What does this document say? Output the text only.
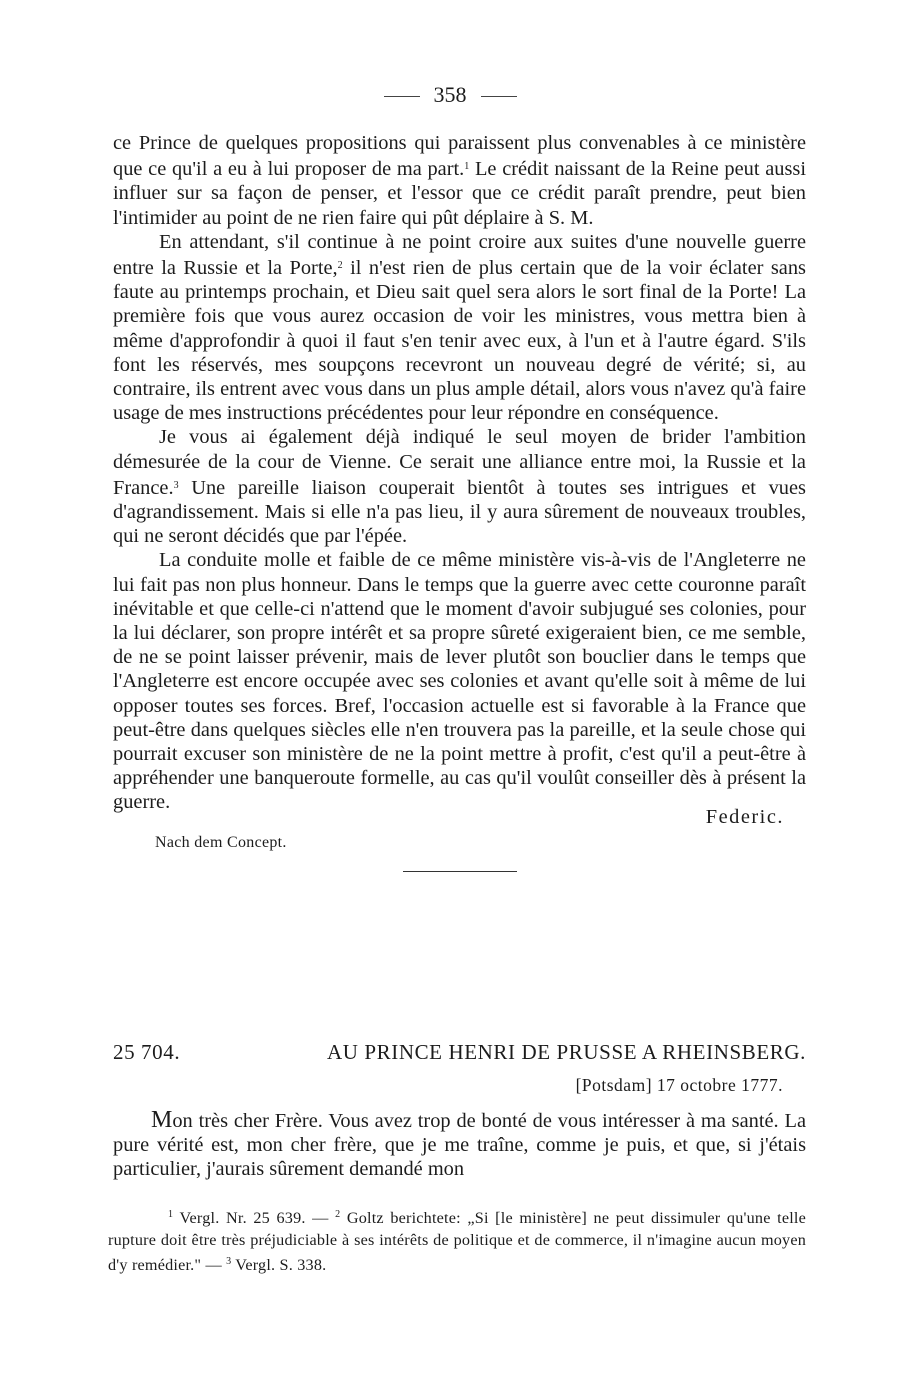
358

ce Prince de quelques propositions qui paraissent plus convenables à ce ministère que ce qu'il a eu à lui proposer de ma part.$^1$ Le crédit naissant de la Reine peut aussi influer sur sa façon de penser, et l'essor que ce crédit paraît prendre, peut bien l'intimider au point de ne rien faire qui pût déplaire à S. M.

En attendant, s'il continue à ne point croire aux suites d'une nouvelle guerre entre la Russie et la Porte,$^2$ il n'est rien de plus certain que de la voir éclater sans faute au printemps prochain, et Dieu sait quel sera alors le sort final de la Porte! La première fois que vous aurez occasion de voir les ministres, vous mettra bien à même d'approfondir à quoi il faut s'en tenir avec eux, à l'un et à l'autre égard. S'ils font les réservés, mes soupçons recevront un nouveau degré de vérité; si, au contraire, ils entrent avec vous dans un plus ample détail, alors vous n'avez qu'à faire usage de mes instructions précédentes pour leur répondre en conséquence.

Je vous ai également déjà indiqué le seul moyen de brider l'ambition démesurée de la cour de Vienne. Ce serait une alliance entre moi, la Russie et la France.$^3$ Une pareille liaison couperait bientôt à toutes ses intrigues et vues d'agrandissement. Mais si elle n'a pas lieu, il y aura sûrement de nouveaux troubles, qui ne seront décidés que par l'épée.

La conduite molle et faible de ce même ministère vis-à-vis de l'Angleterre ne lui fait pas non plus honneur. Dans le temps que la guerre avec cette couronne paraît inévitable et que celle-ci n'attend que le moment d'avoir subjugué ses colonies, pour la lui déclarer, son propre intérêt et sa propre sûreté exigeraient bien, ce me semble, de ne se point laisser prévenir, mais de lever plutôt son bouclier dans le temps que l'Angleterre est encore occupée avec ses colonies et avant qu'elle soit à même de lui opposer toutes ses forces. Bref, l'occasion actuelle est si favorable à la France que peut-être dans quelques siècles elle n'en trouvera pas la pareille, et la seule chose qui pourrait excuser son ministère de ne la point mettre à profit, c'est qu'il a peut-être à appréhender une banqueroute formelle, au cas qu'il voulût conseiller dès à présent la guerre.

Federic.

Nach dem Concept.

25 704.	AU PRINCE HENRI DE PRUSSE A RHEINSBERG.
[Potsdam] 17 octobre 1777.

Mon très cher Frère. Vous avez trop de bonté de vous intéresser à ma santé. La pure vérité est, mon cher frère, que je me traîne, comme je puis, et que, si j'étais particulier, j'aurais sûrement demandé mon

$^1$ Vergl. Nr. 25 639. — $^2$ Goltz berichtete: „Si [le ministère] ne peut dissimuler qu'une telle rupture doit être très préjudiciable à ses intérêts de politique et de commerce, il n'imagine aucun moyen d'y remédier." — $^3$ Vergl. S. 338.
